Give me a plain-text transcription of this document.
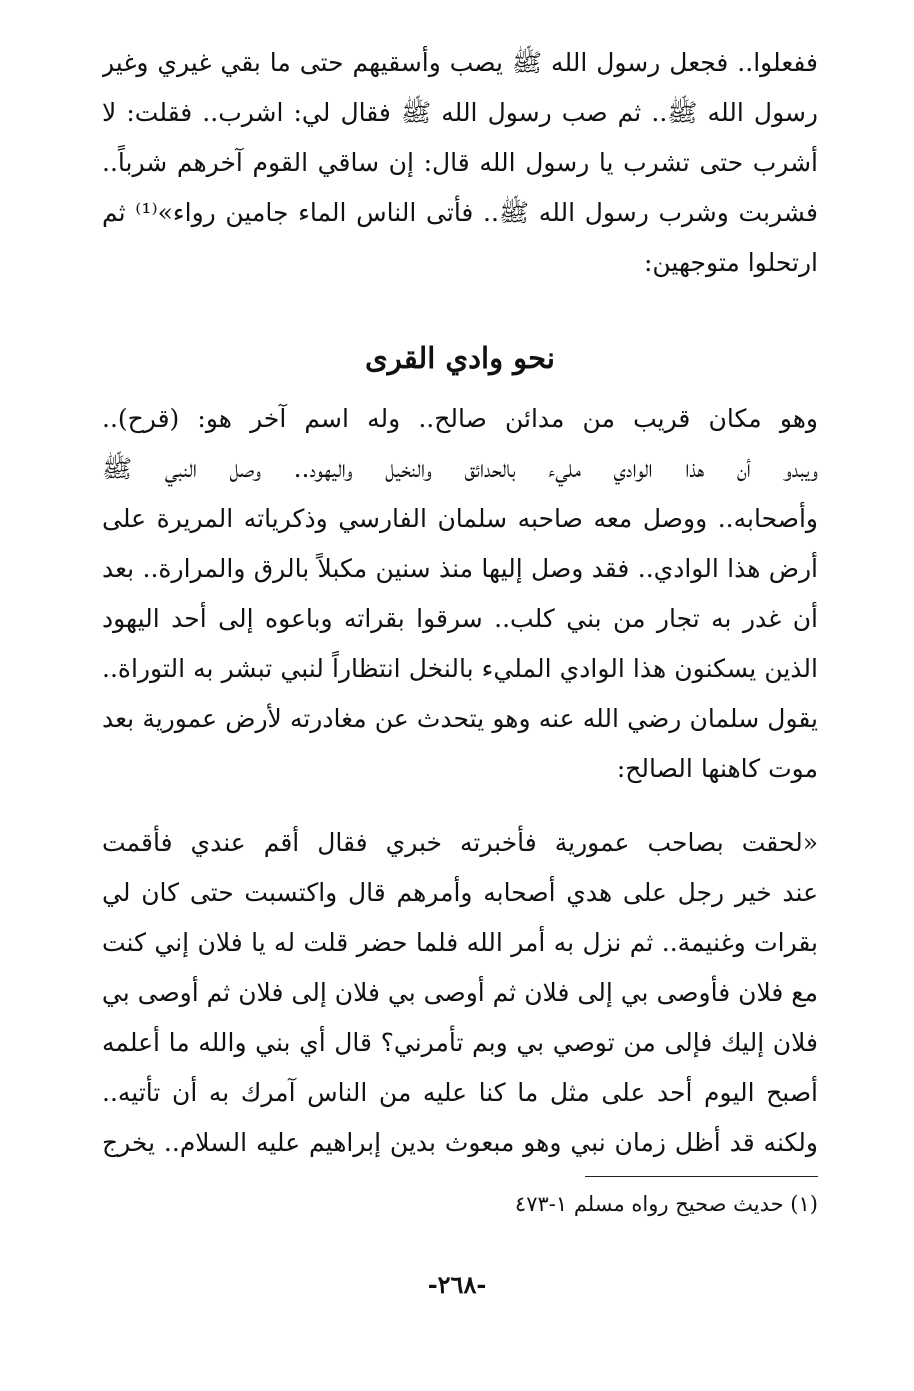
ففعلوا.. فجعل رسول الله ﷺ يصب وأسقيهم حتى ما بقي غيري وغير
رسول الله ﷺ.. ثم صب رسول الله ﷺ فقال لي: اشرب.. فقلت: لا
أشرب حتى تشرب يا رسول الله قال: إن ساقي القوم آخرهم شرباً..
فشربت وشرب رسول الله ﷺ.. فأتى الناس الماء جامين رواء»⁽¹⁾ ثم
ارتحلوا متوجهين:
نحو وادي القرى
وهو مكان قريب من مدائن صالح.. وله اسم آخر هو: (قرح)..
ويبدو أن هذا الوادي مليء بالحدائق والنخيل واليهود.. وصل النبي ﷺ
وأصحابه.. ووصل معه صاحبه سلمان الفارسي وذكرياته المريرة على
أرض هذا الوادي.. فقد وصل إليها منذ سنين مكبلاً بالرق والمرارة.. بعد
أن غدر به تجار من بني كلب.. سرقوا بقراته وباعوه إلى أحد اليهود
الذين يسكنون هذا الوادي المليء بالنخل انتظاراً لنبي تبشر به التوراة..
يقول سلمان رضي الله عنه وهو يتحدث عن مغادرته لأرض عمورية بعد
موت كاهنها الصالح:
«لحقت بصاحب عمورية فأخبرته خبري فقال أقم عندي فأقمت
عند خير رجل على هدي أصحابه وأمرهم قال واكتسبت حتى كان لي
بقرات وغنيمة.. ثم نزل به أمر الله فلما حضر قلت له يا فلان إني كنت
مع فلان فأوصى بي إلى فلان ثم أوصى بي فلان إلى فلان ثم أوصى بي
فلان إليك فإلى من توصي بي وبم تأمرني؟ قال أي بني والله ما أعلمه
أصبح اليوم أحد على مثل ما كنا عليه من الناس آمرك به أن تأتيه..
ولكنه قد أظل زمان نبي وهو مبعوث بدين إبراهيم عليه السلام.. يخرج
(١) حديث صحيح رواه مسلم ١-٤٧٣
-٢٦٨-
